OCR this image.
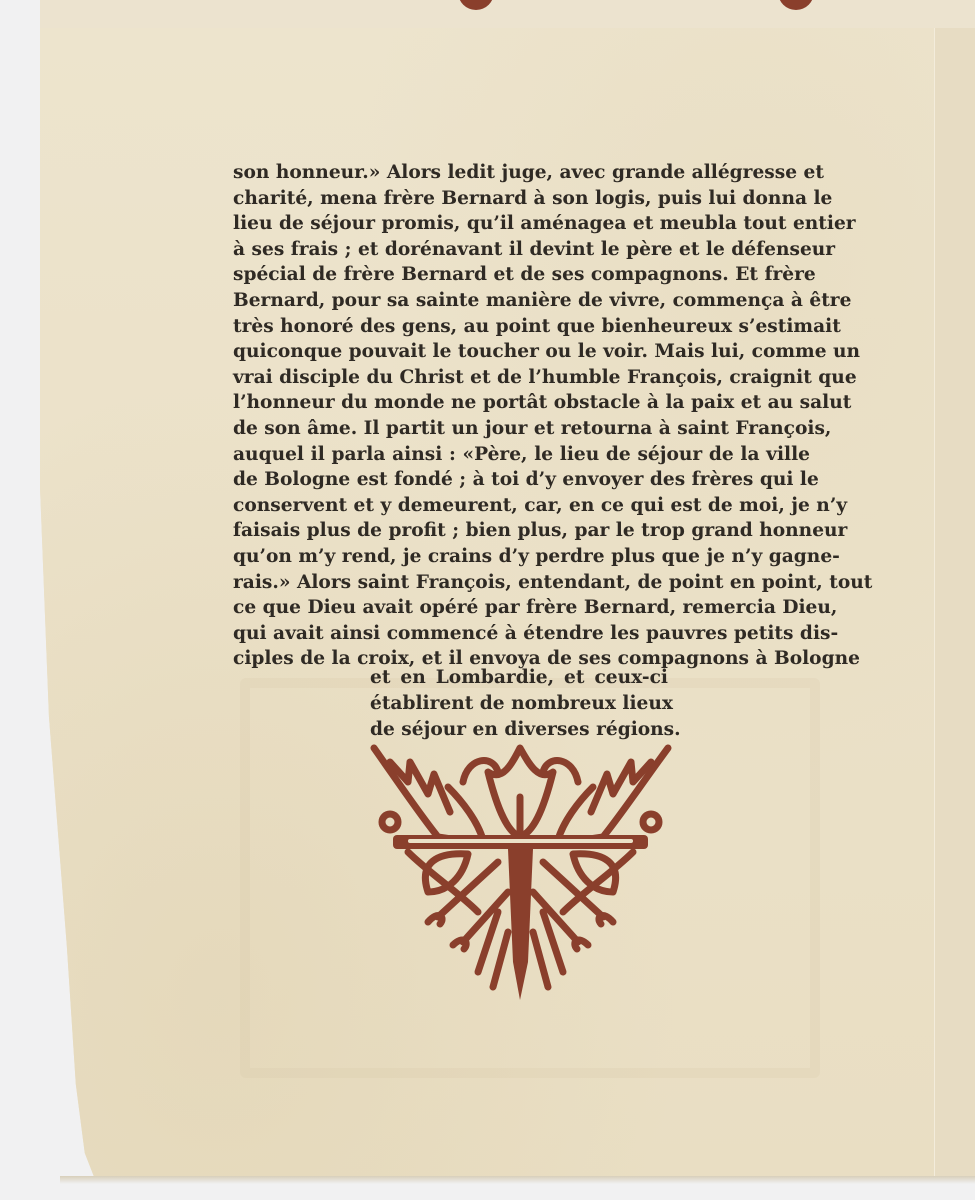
son honneur.» Alors ledit juge, avec grande allégresse et
charité, mena frère Bernard à son logis, puis lui donna le
lieu de séjour promis, qu’il aménagea et meubla tout entier
à ses frais ; et dorénavant il devint le père et le défenseur
spécial de frère Bernard et de ses compagnons. Et frère
Bernard, pour sa sainte manière de vivre, commença à être
très honoré des gens, au point que bienheureux s’estimait
quiconque pouvait le toucher ou le voir. Mais lui, comme un
vrai disciple du Christ et de l’humble François, craignit que
l’honneur du monde ne portât obstacle à la paix et au salut
de son âme. Il partit un jour et retourna à saint François,
auquel il parla ainsi : «Père, le lieu de séjour de la ville
de Bologne est fondé ; à toi d’y envoyer des frères qui le
conservent et y demeurent, car, en ce qui est de moi, je n’y
faisais plus de profit ; bien plus, par le trop grand honneur
qu’on m’y rend, je crains d’y perdre plus que je n’y gagne-
rais.» Alors saint François, entendant, de point en point, tout
ce que Dieu avait opéré par frère Bernard, remercia Dieu,
qui avait ainsi commencé à étendre les pauvres petits dis-
ciples de la croix, et il envoya de ses compagnons à Bologne
et en Lombardie, et ceux-ci
établirent de nombreux lieux
de séjour en diverses régions.
